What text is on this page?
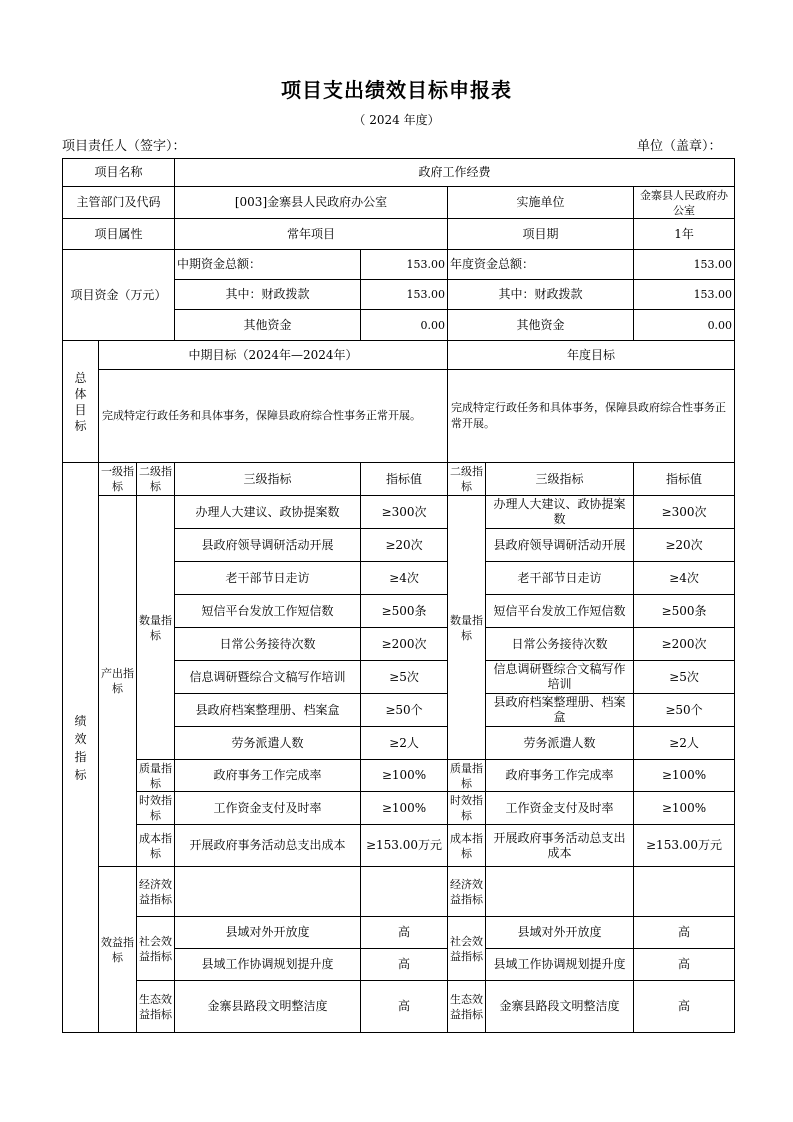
项目支出绩效目标申报表
（ 2024 年度）
项目责任人（签字）：	单位（盖章）：
项目名称			政府工作经费				
主管部门及代码			[003]金寨县人民政府办公室		实施单位		金寨县人民政府办公室
项目属性			常年项目		项目期		1年
项目资金（万元）			中期资金总额：	153.00	年度资金总额：		153.00
			其中：财政拨款	153.00	其中：财政拨款		153.00
			其他资金	0.00	其他资金		0.00
总体目标	中期目标（2024年—2024年）				年度目标		
	完成特定行政任务和具体事务，保障县政府综合性事务正常开展。				完成特定行政任务和具体事务，保障县政府综合性事务正常开展。		
绩效指标	一级指标	二级指标	三级指标	指标值	二级指标	三级指标	指标值
	产出指标	数量指标	办理人大建议、政协提案数	≥300次	数量指标	办理人大建议、政协提案数	≥300次
			县政府领导调研活动开展	≥20次		县政府领导调研活动开展	≥20次
			老干部节日走访	≥4次		老干部节日走访	≥4次
			短信平台发放工作短信数	≥500条		短信平台发放工作短信数	≥500条
			日常公务接待次数	≥200次		日常公务接待次数	≥200次
			信息调研暨综合文稿写作培训	≥5次		信息调研暨综合文稿写作培训	≥5次
			县政府档案整理册、档案盒	≥50个		县政府档案整理册、档案盒	≥50个
			劳务派遣人数	≥2人		劳务派遣人数	≥2人
		质量指标	政府事务工作完成率	≥100%	质量指标	政府事务工作完成率	≥100%
		时效指标	工作资金支付及时率	≥100%	时效指标	工作资金支付及时率	≥100%
		成本指标	开展政府事务活动总支出成本	≥153.00万元	成本指标	开展政府事务活动总支出成本	≥153.00万元
	效益指标	经济效益指标			经济效益指标		
		社会效益指标	县域对外开放度	高	社会效益指标	县域对外开放度	高
			县域工作协调规划提升度	高		县域工作协调规划提升度	高
		生态效益指标	金寨县路段文明整洁度	高	生态效益指标	金寨县路段文明整洁度	高
